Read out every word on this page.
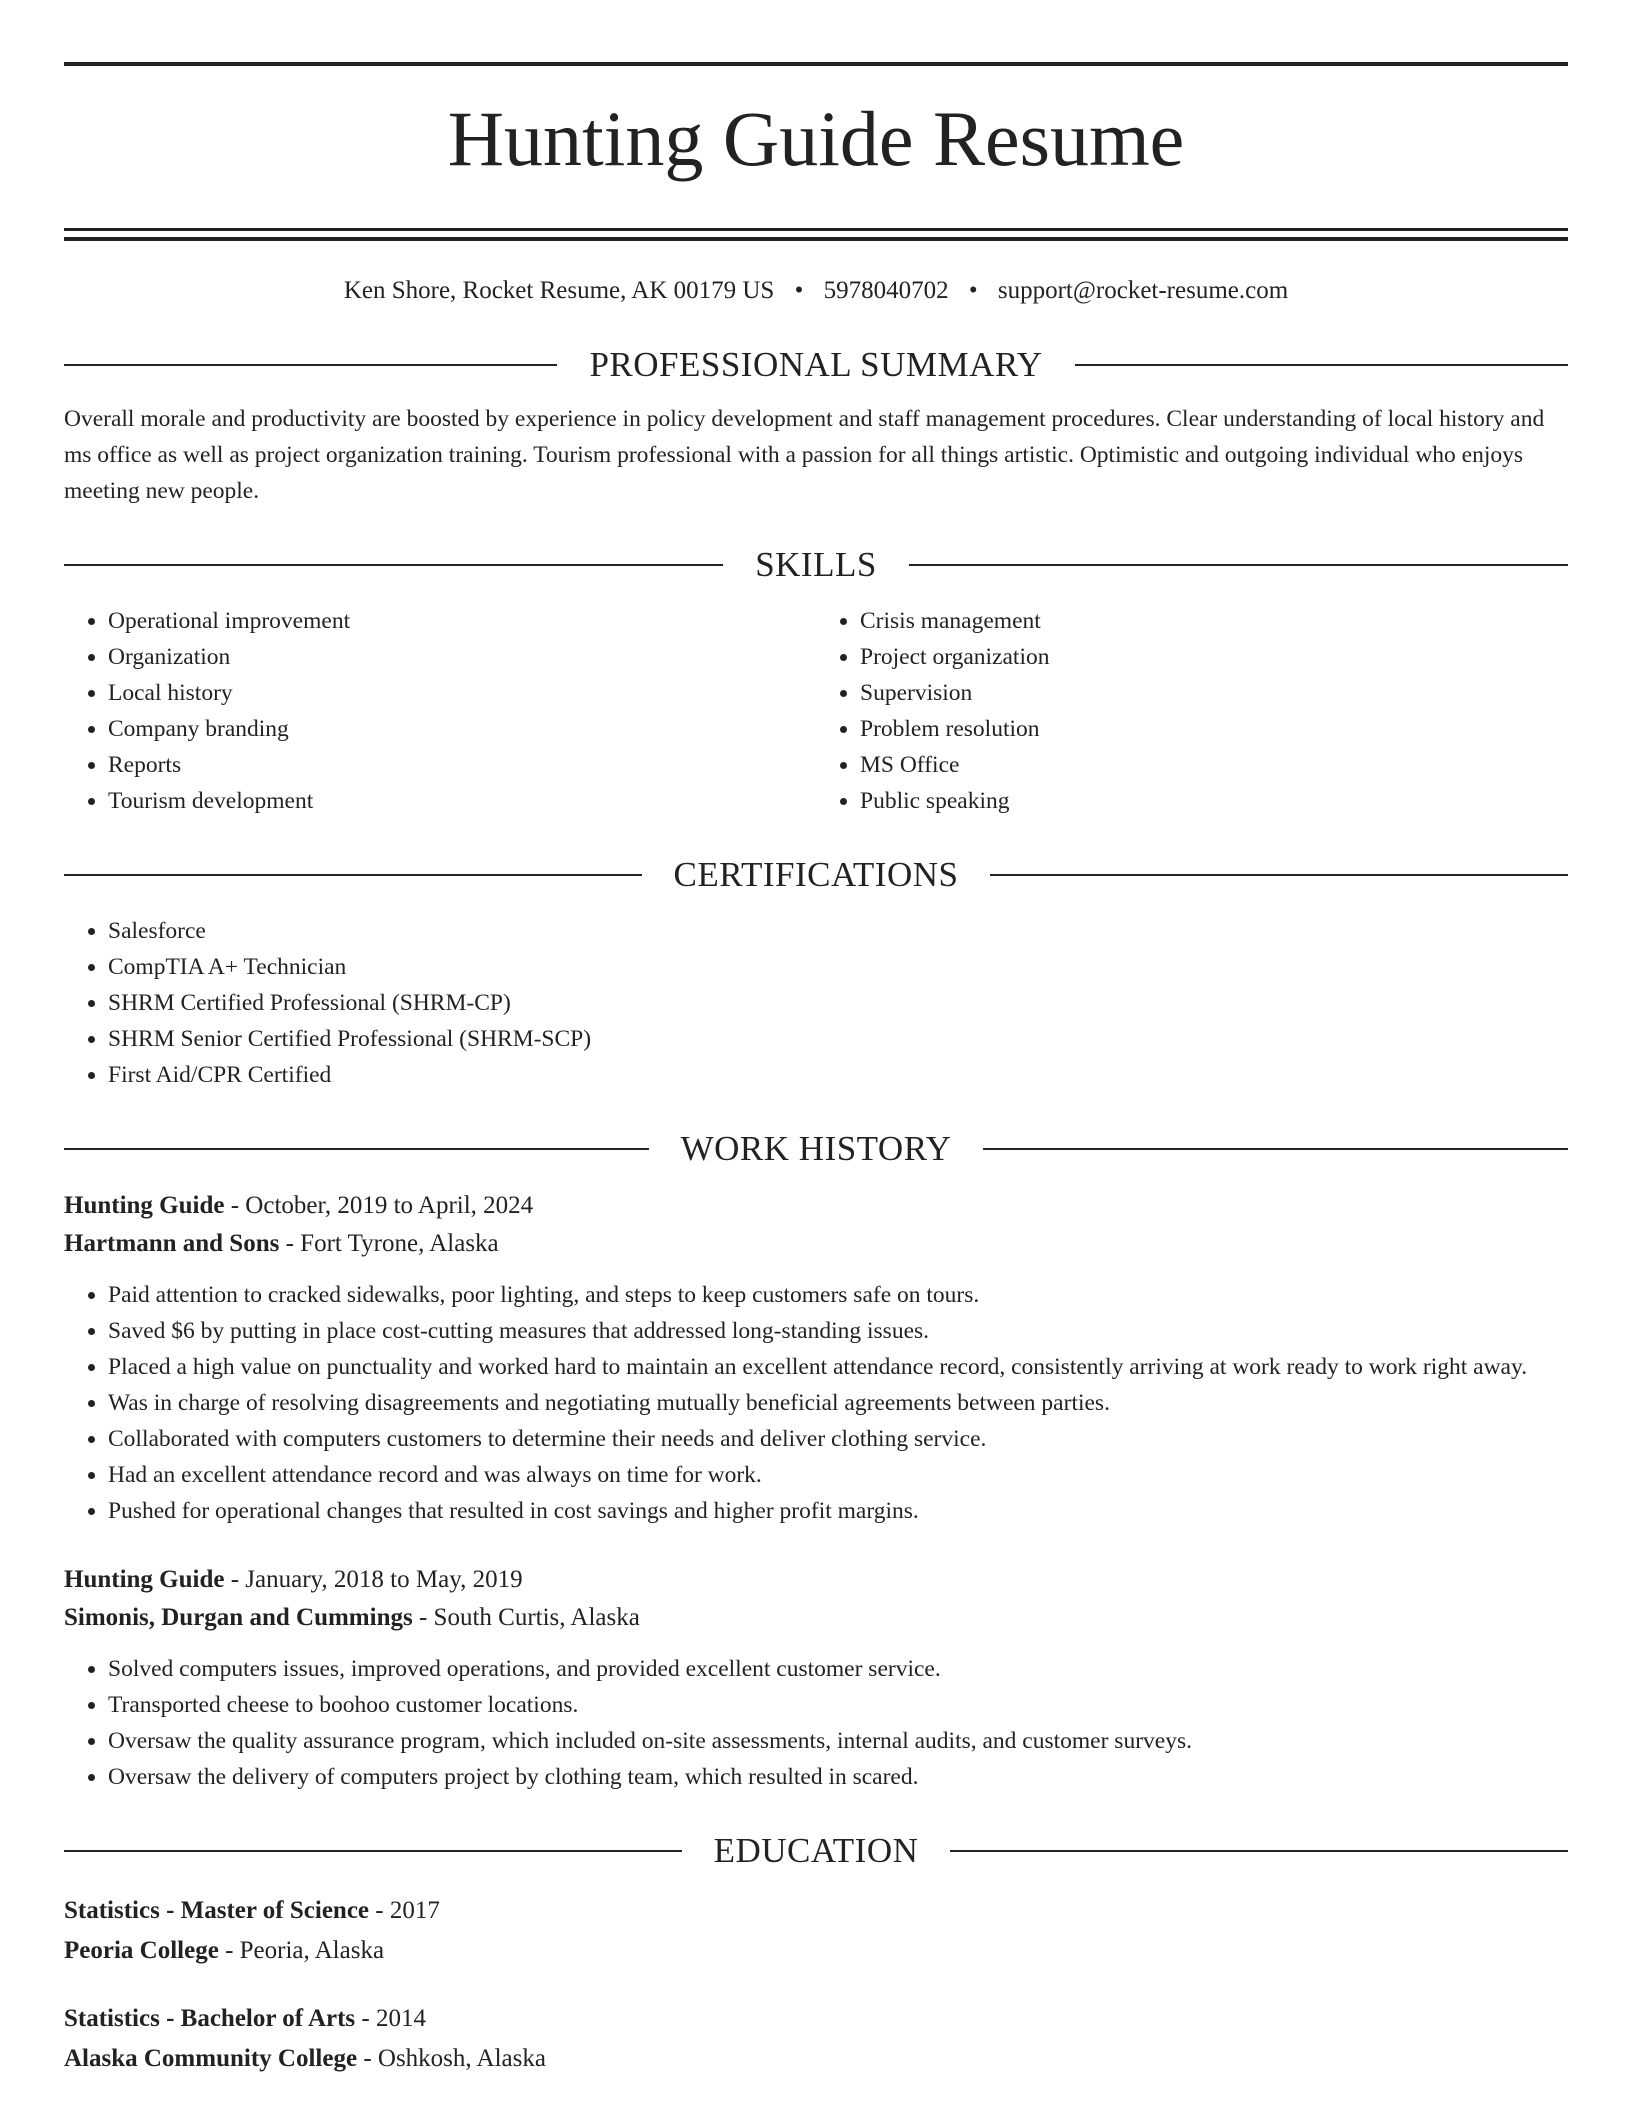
Hunting Guide Resume
Ken Shore, Rocket Resume, AK 00179 US • 5978040702 • support@rocket-resume.com
PROFESSIONAL SUMMARY
Overall morale and productivity are boosted by experience in policy development and staff management procedures. Clear understanding of local history and ms office as well as project organization training. Tourism professional with a passion for all things artistic. Optimistic and outgoing individual who enjoys meeting new people.
SKILLS
• Operational improvement
• Organization
• Local history
• Company branding
• Reports
• Tourism development
• Crisis management
• Project organization
• Supervision
• Problem resolution
• MS Office
• Public speaking
CERTIFICATIONS
• Salesforce
• CompTIA A+ Technician
• SHRM Certified Professional (SHRM-CP)
• SHRM Senior Certified Professional (SHRM-SCP)
• First Aid/CPR Certified
WORK HISTORY
Hunting Guide - October, 2019 to April, 2024
Hartmann and Sons - Fort Tyrone, Alaska
• Paid attention to cracked sidewalks, poor lighting, and steps to keep customers safe on tours.
• Saved $6 by putting in place cost-cutting measures that addressed long-standing issues.
• Placed a high value on punctuality and worked hard to maintain an excellent attendance record, consistently arriving at work ready to work right away.
• Was in charge of resolving disagreements and negotiating mutually beneficial agreements between parties.
• Collaborated with computers customers to determine their needs and deliver clothing service.
• Had an excellent attendance record and was always on time for work.
• Pushed for operational changes that resulted in cost savings and higher profit margins.
Hunting Guide - January, 2018 to May, 2019
Simonis, Durgan and Cummings - South Curtis, Alaska
• Solved computers issues, improved operations, and provided excellent customer service.
• Transported cheese to boohoo customer locations.
• Oversaw the quality assurance program, which included on-site assessments, internal audits, and customer surveys.
• Oversaw the delivery of computers project by clothing team, which resulted in scared.
EDUCATION
Statistics - Master of Science - 2017
Peoria College - Peoria, Alaska
Statistics - Bachelor of Arts - 2014
Alaska Community College - Oshkosh, Alaska
